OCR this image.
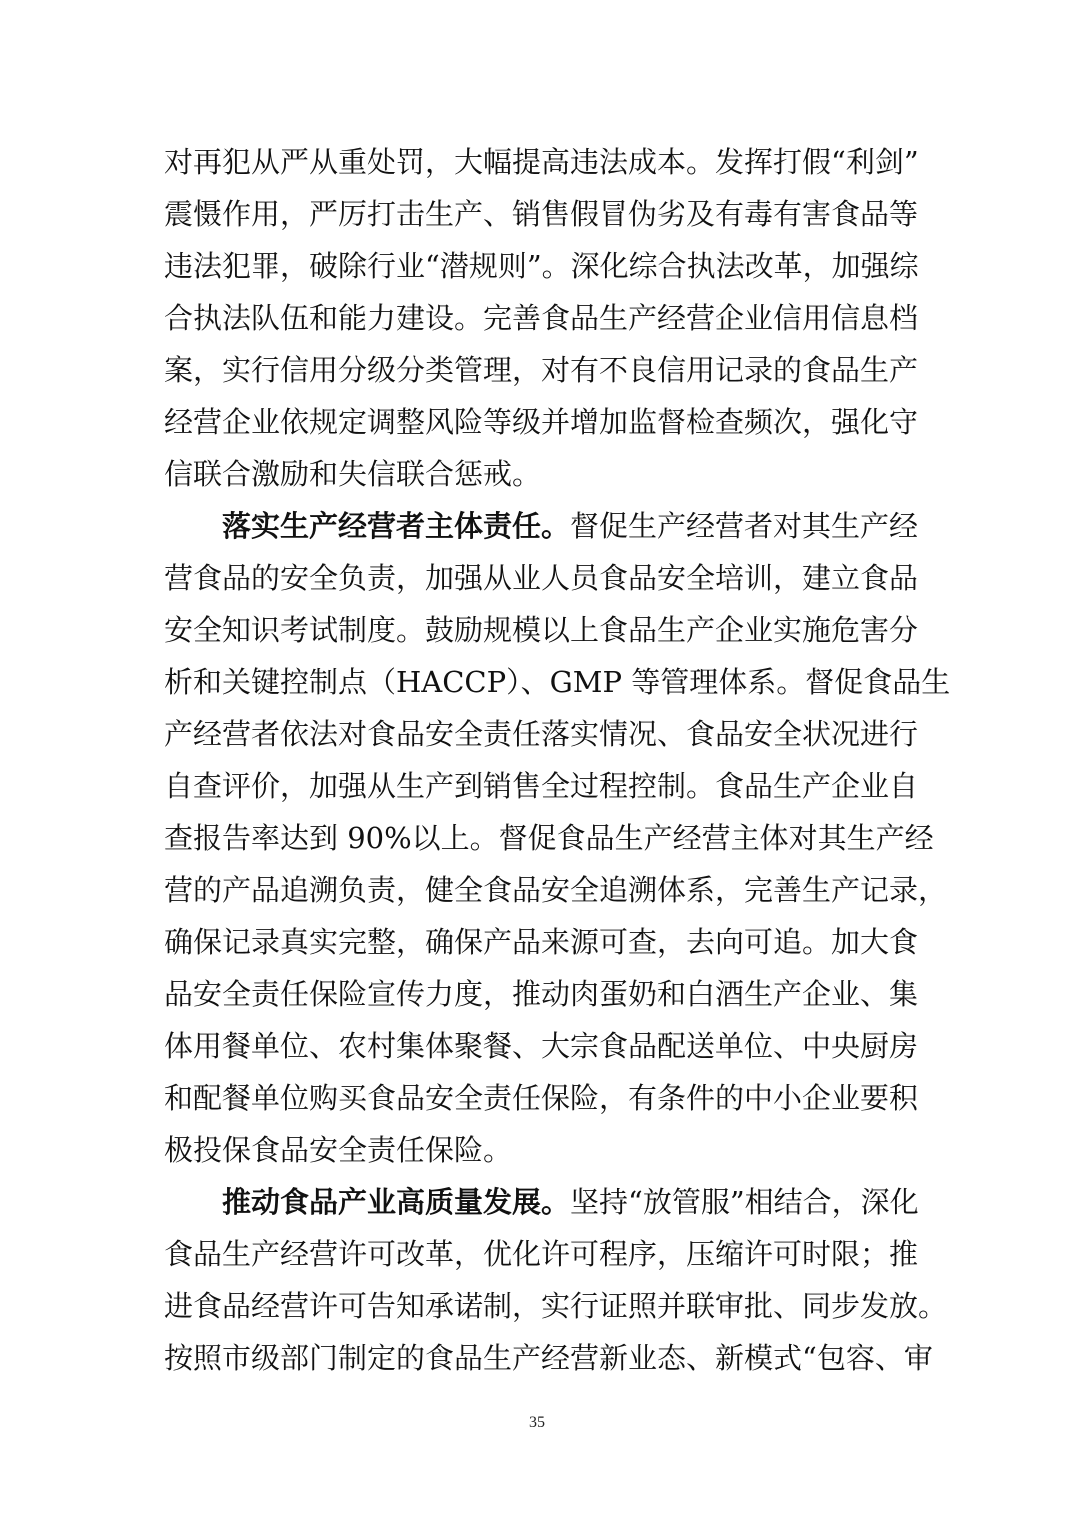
对再犯从严从重处罚，大幅提高违法成本。发挥打假“利剑”
震慑作用，严厉打击生产、销售假冒伪劣及有毒有害食品等
违法犯罪，破除行业“潜规则”。深化综合执法改革，加强综
合执法队伍和能力建设。完善食品生产经营企业信用信息档
案，实行信用分级分类管理，对有不良信用记录的食品生产
经营企业依规定调整风险等级并增加监督检查频次，强化守
信联合激励和失信联合惩戒。
落实生产经营者主体责任。督促生产经营者对其生产经
营食品的安全负责，加强从业人员食品安全培训，建立食品
安全知识考试制度。鼓励规模以上食品生产企业实施危害分
析和关键控制点（HACCP）、GMP 等管理体系。督促食品生
产经营者依法对食品安全责任落实情况、食品安全状况进行
自查评价，加强从生产到销售全过程控制。食品生产企业自
查报告率达到 90%以上。督促食品生产经营主体对其生产经
营的产品追溯负责，健全食品安全追溯体系，完善生产记录，
确保记录真实完整，确保产品来源可查，去向可追。加大食
品安全责任保险宣传力度，推动肉蛋奶和白酒生产企业、集
体用餐单位、农村集体聚餐、大宗食品配送单位、中央厨房
和配餐单位购买食品安全责任保险，有条件的中小企业要积
极投保食品安全责任保险。
推动食品产业高质量发展。坚持“放管服”相结合，深化
食品生产经营许可改革，优化许可程序，压缩许可时限；推
进食品经营许可告知承诺制，实行证照并联审批、同步发放。
按照市级部门制定的食品生产经营新业态、新模式“包容、审
35
